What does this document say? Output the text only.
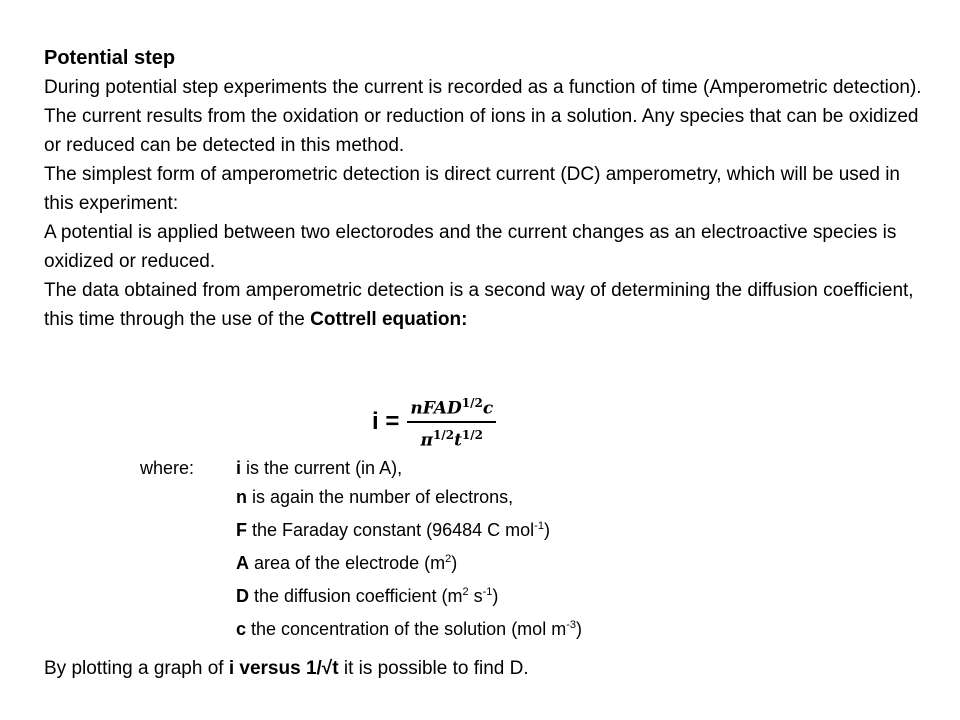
Potential step

During potential step experiments the current is recorded as a function of time (Amperometric detection). The current results from the oxidation or reduction of ions in a solution. Any species that can be oxidized or reduced can be detected in this method.

The simplest form of amperometric detection is direct current (DC) amperometry, which will be used in this experiment:

A potential is applied between two electorodes and the current changes as an electroactive species is oxidized or reduced.

The data obtained from amperometric detection is a second way of determining the diffusion coefficient, this time through the use of the Cottrell equation:

$i = \frac{nFAD^{1/2}c}{\pi^{1/2}t^{1/2}}$
where: i is the current (in A),
n is again the number of electrons,
F the Faraday constant (96484 C mol$^{-1}$)
A area of the electrode $(m^2)$
D the diffusion coefficient ($m^2$ $s^{-1}$)
c the concentration of the solution (mol $m^{-3}$)
By plotting a graph of i versus 1/√t it is possible to find D.
